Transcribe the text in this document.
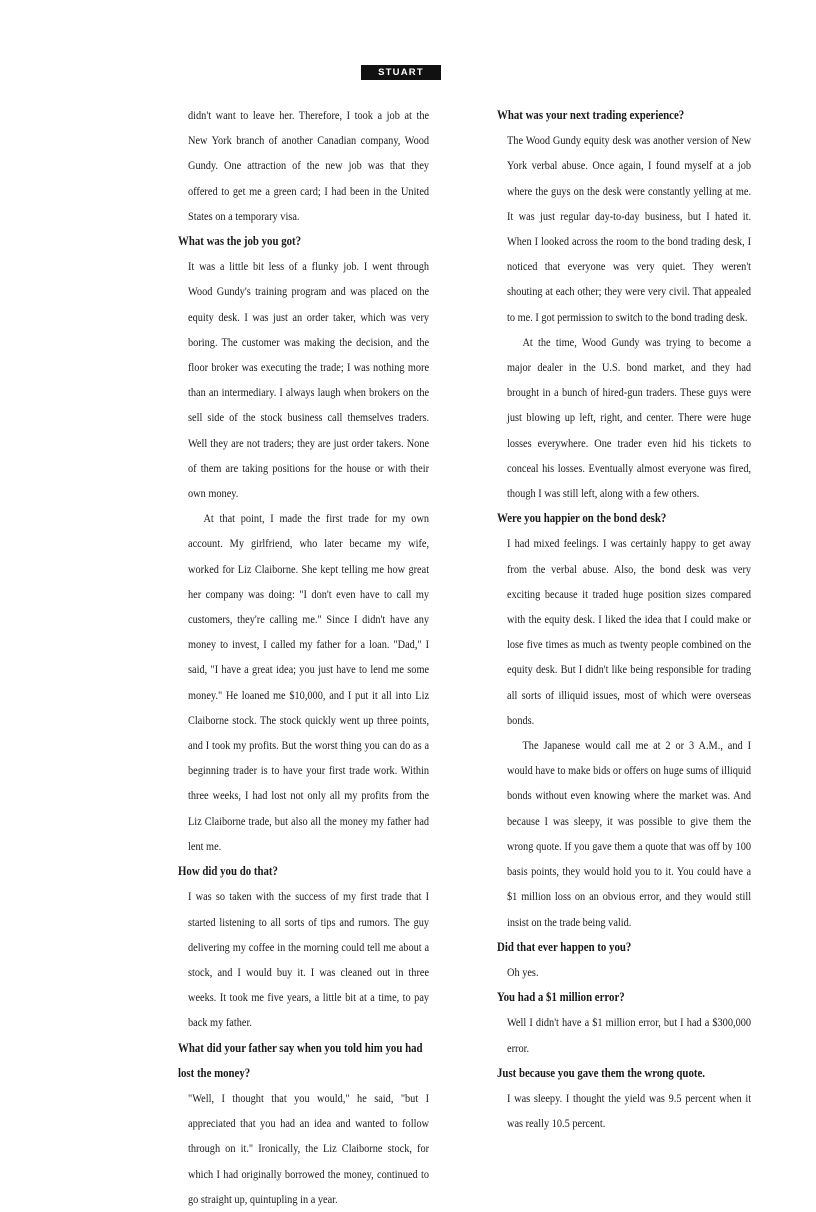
STUART WALTON

didn't want to leave her. Therefore, I took a job at the New York branch of another Canadian company, Wood Gundy. One attraction of the new job was that they offered to get me a green card; I had been in the United States on a temporary visa.

What was the job you got?

It was a little bit less of a flunky job. I went through Wood Gundy's training program and was placed on the equity desk. I was just an order taker, which was very boring. The customer was making the decision, and the floor broker was executing the trade; I was nothing more than an intermediary. I always laugh when brokers on the sell side of the stock business call themselves traders. Well they are not traders; they are just order takers. None of them are taking positions for the house or with their own money.

At that point, I made the first trade for my own account. My girlfriend, who later became my wife, worked for Liz Claiborne. She kept telling me how great her company was doing: "I don't even have to call my customers, they're calling me." Since I didn't have any money to invest, I called my father for a loan. "Dad," I said, "I have a great idea; you just have to lend me some money." He loaned me $10,000, and I put it all into Liz Claiborne stock. The stock quickly went up three points, and I took my profits. But the worst thing you can do as a beginning trader is to have your first trade work. Within three weeks, I had lost not only all my profits from the Liz Claiborne trade, but also all the money my father had lent me.

How did you do that?

I was so taken with the success of my first trade that I started listening to all sorts of tips and rumors. The guy delivering my coffee in the morning could tell me about a stock, and I would buy it. I was cleaned out in three weeks. It took me five years, a little bit at a time, to pay back my father.

What did your father say when you told him you had lost the money?

"Well, I thought that you would," he said, "but I appreciated that you had an idea and wanted to follow through on it." Ironically, the Liz Claiborne stock, for which I had originally borrowed the money, continued to go straight up, quintupling in a year.

What was your next trading experience?

The Wood Gundy equity desk was another version of New York verbal abuse. Once again, I found myself at a job where the guys on the desk were constantly yelling at me. It was just regular day-to-day business, but I hated it. When I looked across the room to the bond trading desk, I noticed that everyone was very quiet. They weren't shouting at each other; they were very civil. That appealed to me. I got permission to switch to the bond trading desk.

At the time, Wood Gundy was trying to become a major dealer in the U.S. bond market, and they had brought in a bunch of hired-gun traders. These guys were just blowing up left, right, and center. There were huge losses everywhere. One trader even hid his tickets to conceal his losses. Eventually almost everyone was fired, though I was still left, along with a few others.

Were you happier on the bond desk?

I had mixed feelings. I was certainly happy to get away from the verbal abuse. Also, the bond desk was very exciting because it traded huge position sizes compared with the equity desk. I liked the idea that I could make or lose five times as much as twenty people combined on the equity desk. But I didn't like being responsible for trading all sorts of illiquid issues, most of which were overseas bonds.

The Japanese would call me at 2 or 3 A.M., and I would have to make bids or offers on huge sums of illiquid bonds without even knowing where the market was. And because I was sleepy, it was possible to give them the wrong quote. If you gave them a quote that was off by 100 basis points, they would hold you to it. You could have a $1 million loss on an obvious error, and they would still insist on the trade being valid.

Did that ever happen to you?

Oh yes.

You had a $1 million error?

Well I didn't have a $1 million error, but I had a $300,000 error.

Just because you gave them the wrong quote.

I was sleepy. I thought the yield was 9.5 percent when it was really 10.5 percent.
